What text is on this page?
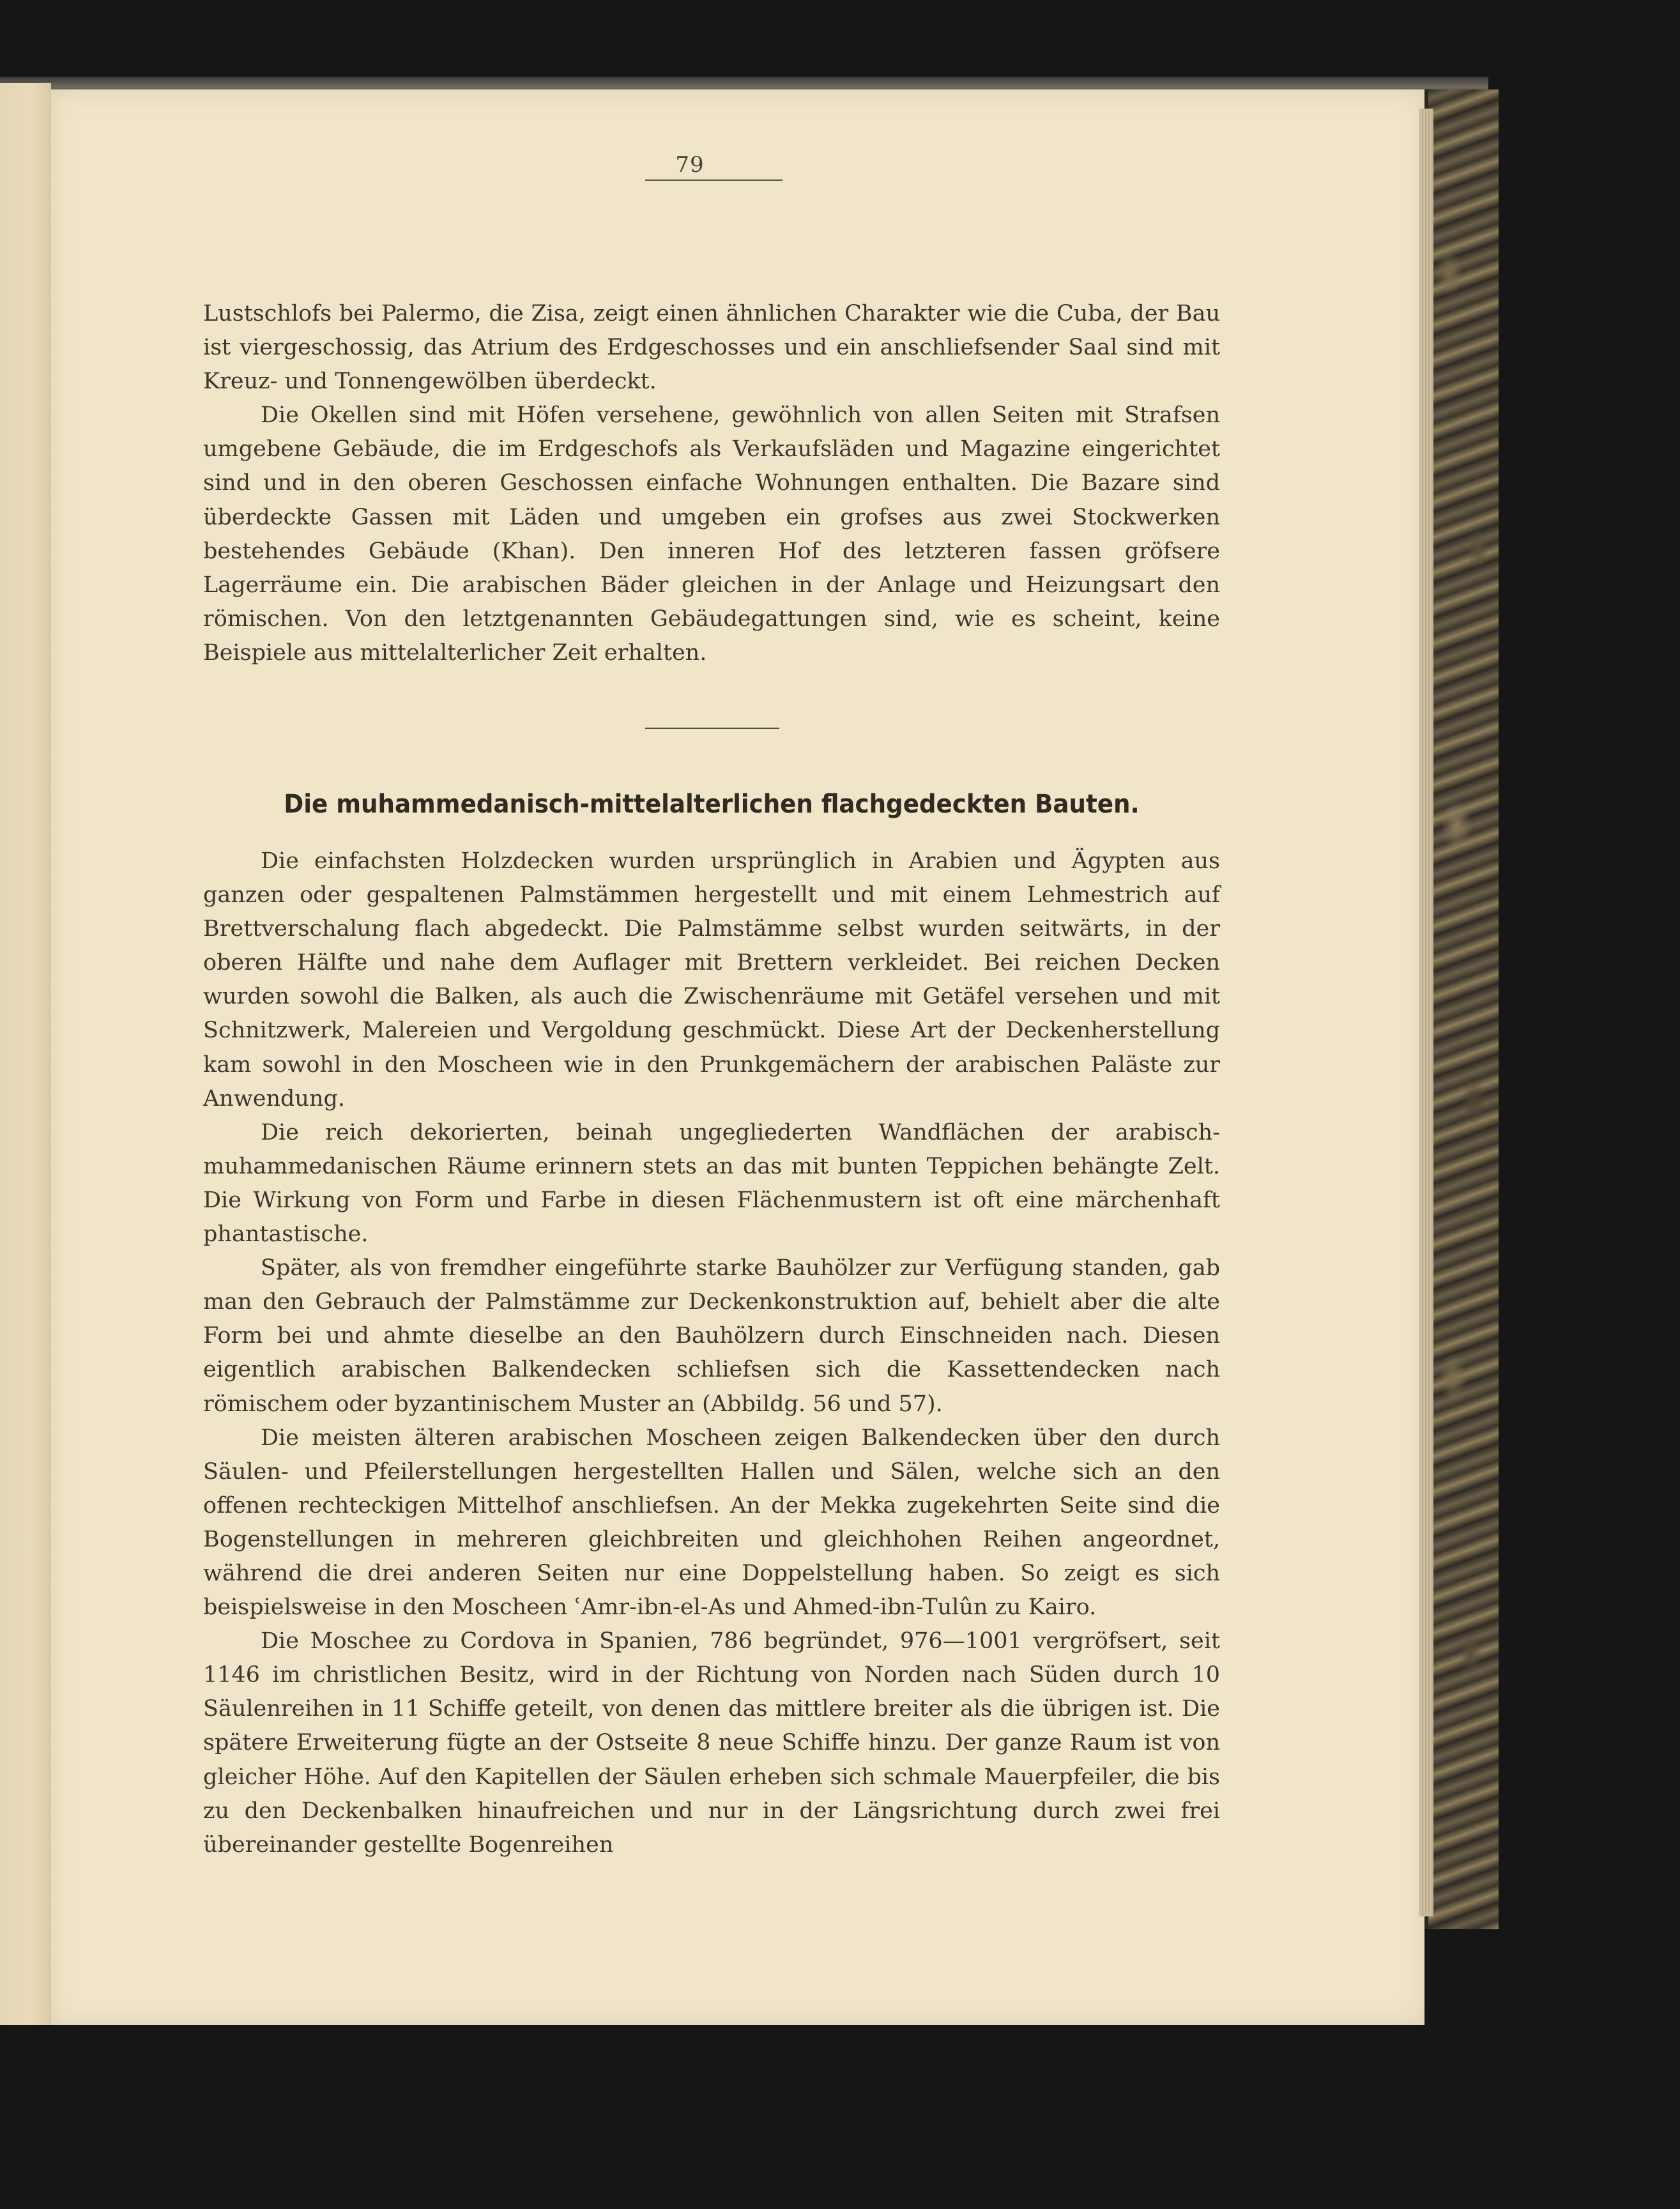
79

Lustschlofs bei Palermo, die Zisa, zeigt einen ähnlichen Charakter wie die Cuba, der Bau ist viergeschossig, das Atrium des Erdgeschosses und ein anschliefsender Saal sind mit Kreuz- und Tonnengewölben überdeckt.

Die Okellen sind mit Höfen versehene, gewöhnlich von allen Seiten mit Strafsen umgebene Gebäude, die im Erdgeschofs als Verkaufsläden und Magazine eingerichtet sind und in den oberen Geschossen einfache Wohnungen enthalten. Die Bazare sind überdeckte Gassen mit Läden und umgeben ein grofses aus zwei Stockwerken bestehendes Gebäude (Khan). Den inneren Hof des letzteren fassen gröfsere Lagerräume ein. Die arabischen Bäder gleichen in der Anlage und Heizungsart den römischen. Von den letztgenannten Gebäudegattungen sind, wie es scheint, keine Beispiele aus mittelalterlicher Zeit erhalten.

Die muhammedanisch-mittelalterlichen flachgedeckten Bauten.

Die einfachsten Holzdecken wurden ursprünglich in Arabien und Ägypten aus ganzen oder gespaltenen Palmstämmen hergestellt und mit einem Lehmestrich auf Brettverschalung flach abgedeckt. Die Palmstämme selbst wurden seitwärts, in der oberen Hälfte und nahe dem Auflager mit Brettern verkleidet. Bei reichen Decken wurden sowohl die Balken, als auch die Zwischenräume mit Getäfel versehen und mit Schnitzwerk, Malereien und Vergoldung geschmückt. Diese Art der Deckenherstellung kam sowohl in den Moscheen wie in den Prunkgemächern der arabischen Paläste zur Anwendung.

Die reich dekorierten, beinah ungegliederten Wandflächen der arabisch-muhammedanischen Räume erinnern stets an das mit bunten Teppichen behängte Zelt. Die Wirkung von Form und Farbe in diesen Flächenmustern ist oft eine märchenhaft phantastische.

Später, als von fremdher eingeführte starke Bauhölzer zur Verfügung standen, gab man den Gebrauch der Palmstämme zur Deckenkonstruktion auf, behielt aber die alte Form bei und ahmte dieselbe an den Bauhölzern durch Einschneiden nach. Diesen eigentlich arabischen Balkendecken schliefsen sich die Kassettendecken nach römischem oder byzantinischem Muster an (Abbildg. 56 und 57).

Die meisten älteren arabischen Moscheen zeigen Balkendecken über den durch Säulen- und Pfeilerstellungen hergestellten Hallen und Sälen, welche sich an den offenen rechteckigen Mittelhof anschliefsen. An der Mekka zugekehrten Seite sind die Bogenstellungen in mehreren gleichbreiten und gleichhohen Reihen angeordnet, während die drei anderen Seiten nur eine Doppelstellung haben. So zeigt es sich beispielsweise in den Moscheen ʿAmr-ibn-el-As und Ahmed-ibn-Tulûn zu Kairo.

Die Moschee zu Cordova in Spanien, 786 begründet, 976—1001 vergröfsert, seit 1146 im christlichen Besitz, wird in der Richtung von Norden nach Süden durch 10 Säulenreihen in 11 Schiffe geteilt, von denen das mittlere breiter als die übrigen ist. Die spätere Erweiterung fügte an der Ostseite 8 neue Schiffe hinzu. Der ganze Raum ist von gleicher Höhe. Auf den Kapitellen der Säulen erheben sich schmale Mauerpfeiler, die bis zu den Deckenbalken hinaufreichen und nur in der Längsrichtung durch zwei frei übereinander gestellte Bogenreihen
